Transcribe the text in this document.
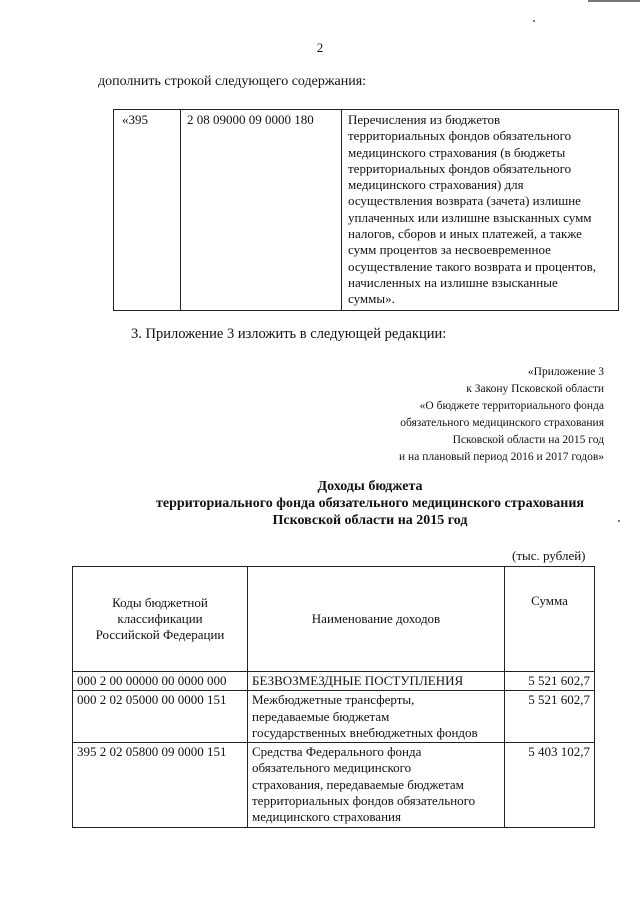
2
дополнить строкой следующего содержания:
«395	2 08 09000 09 0000 180	Перечисления из бюджетов
территориальных фондов обязательного
медицинского страхования (в бюджеты
территориальных фондов обязательного
медицинского страхования) для
осуществления возврата (зачета) излишне
уплаченных или излишне взысканных сумм
налогов, сборов и иных платежей, а также
сумм процентов за несвоевременное
осуществление такого возврата и процентов,
начисленных на излишне взысканные
суммы».
3. Приложение 3 изложить в следующей редакции:
«Приложение 3
к Закону Псковской области
«О бюджете территориального фонда
обязательного медицинского страхования
Псковской области на 2015 год
и на плановый период 2016 и 2017 годов»
Доходы бюджета
территориального фонда обязательного медицинского страхования
Псковской области на 2015 год
(тыс. рублей)
Коды бюджетной
классификации
Российской Федерации	Наименование доходов	Сумма
000 2 00 00000 00 0000 000	БЕЗВОЗМЕЗДНЫЕ ПОСТУПЛЕНИЯ	5 521 602,7
000 2 02 05000 00 0000 151	Межбюджетные трансферты,
передаваемые бюджетам
государственных внебюджетных фондов	5 521 602,7
395 2 02 05800 09 0000 151	Средства Федерального фонда
обязательного медицинского
страхования, передаваемые бюджетам
территориальных фондов обязательного
медицинского страхования	5 403 102,7
